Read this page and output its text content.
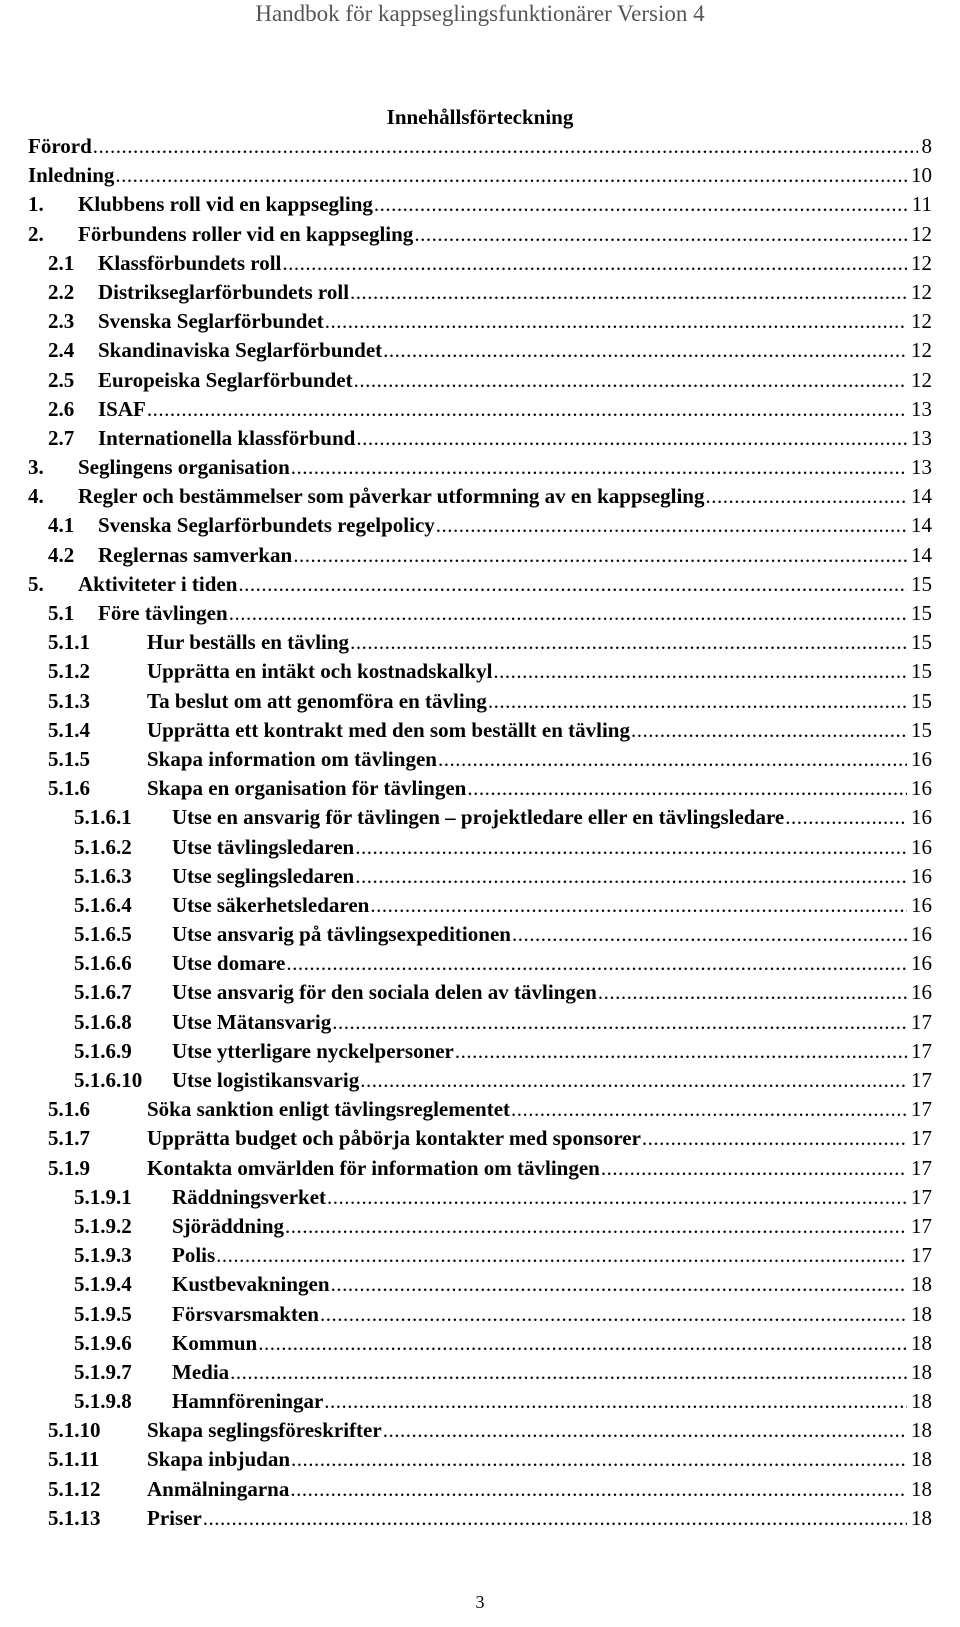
Handbok för kappseglingsfunktionärer Version 4
Innehållsförteckning
Förord .....	8
Inledning .....	10
1. Klubbens roll vid en kappsegling .....	11
2. Förbundens roller vid en kappsegling .....	12
2.1 Klassförbundets roll .....	12
2.2 Distrikseglarförbundets roll .....	12
2.3 Svenska Seglarförbundet .....	12
2.4 Skandinaviska Seglarförbundet .....	12
2.5 Europeiska Seglarförbundet .....	12
2.6 ISAF .....	13
2.7 Internationella klassförbund .....	13
3. Seglingens organisation .....	13
4. Regler och bestämmelser som påverkar utformning av en kappsegling .....	14
4.1 Svenska Seglarförbundets regelpolicy .....	14
4.2 Reglernas samverkan .....	14
5. Aktiviteter i tiden .....	15
5.1 Före tävlingen .....	15
5.1.1	Hur beställs en tävling .....	15
5.1.2	Upprätta en intäkt och kostnadskalkyl .....	15
5.1.3	Ta beslut om att genomföra en tävling .....	15
5.1.4	Upprätta ett kontrakt med den som beställt en tävling .....	15
5.1.5	Skapa information om tävlingen .....	16
5.1.6	Skapa en organisation för tävlingen .....	16
5.1.6.1 Utse en ansvarig för tävlingen – projektledare eller en tävlingsledare .....	16
5.1.6.2 Utse tävlingsledaren .....	16
5.1.6.3 Utse seglingsledaren .....	16
5.1.6.4 Utse säkerhetsledaren .....	16
5.1.6.5 Utse ansvarig på tävlingsexpeditionen .....	16
5.1.6.6 Utse domare .....	16
5.1.6.7 Utse ansvarig för den sociala delen av tävlingen .....	16
5.1.6.8 Utse Mätansvarig .....	17
5.1.6.9 Utse ytterligare nyckelpersoner .....	17
5.1.6.10 Utse logistikansvarig .....	17
5.1.6	Söka sanktion enligt tävlingsreglementet .....	17
5.1.7	Upprätta budget och påbörja kontakter med sponsorer .....	17
5.1.9	Kontakta omvärlden för information om tävlingen .....	17
5.1.9.1 Räddningsverket .....	17
5.1.9.2 Sjöräddning .....	17
5.1.9.3 Polis .....	17
5.1.9.4 Kustbevakningen .....	18
5.1.9.5 Försvarsmakten .....	18
5.1.9.6 Kommun .....	18
5.1.9.7 Media .....	18
5.1.9.8 Hamnföreningar .....	18
5.1.10 Skapa seglingsföreskrifter .....	18
5.1.11 Skapa inbjudan .....	18
5.1.12 Anmälningarna .....	18
5.1.13 Priser .....	18
3
